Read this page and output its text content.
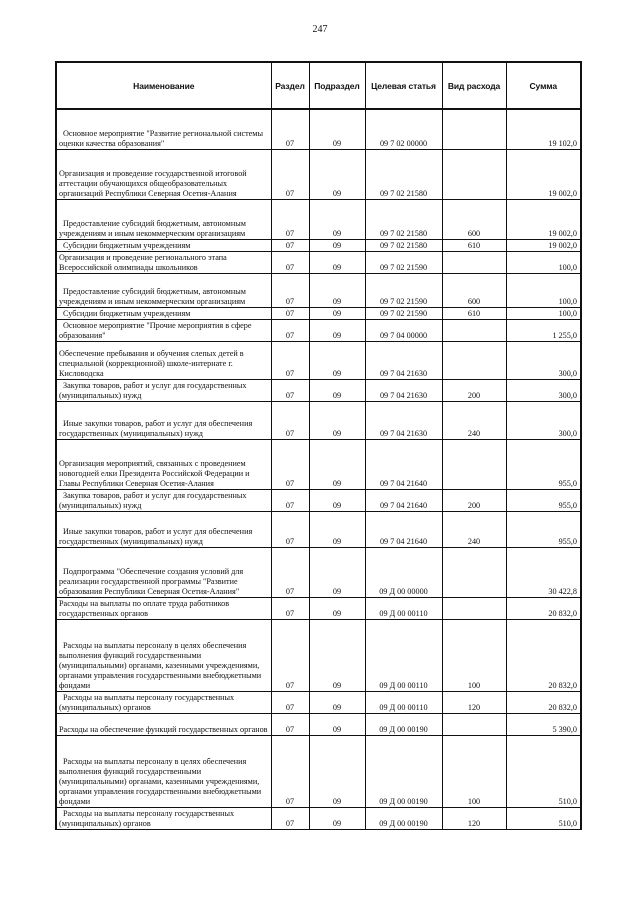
247
Наименование	Раздел	Подраздел	Целевая статья	Вид расхода	Сумма
Основное мероприятие "Развитие региональной системы оценки качества образования"	07	09	09 7 02 00000		19 102,0
Организация и проведение государственной итоговой аттестации обучающихся общеобразовательных организаций Республики Северная Осетия-Алания	07	09	09 7 02 21580		19 002,0
Предоставление субсидий бюджетным, автономным учреждениям и иным некоммерческим организациям	07	09	09 7 02 21580	600	19 002,0
Субсидии бюджетным учреждениям	07	09	09 7 02 21580	610	19 002,0
Организация и проведение регионального этапа Всероссийской олимпиады школьников	07	09	09 7 02 21590		100,0
Предоставление субсидий бюджетным, автономным учреждениям и иным некоммерческим организациям	07	09	09 7 02 21590	600	100,0
Субсидии бюджетным учреждениям	07	09	09 7 02 21590	610	100,0
Основное мероприятие "Прочие мероприятия в сфере образования"	07	09	09 7 04 00000		1 255,0
Обеспечение пребывания и обучения слепых детей в специальной (коррекционной) школе-интернате г. Кисловодска	07	09	09 7 04 21630		300,0
Закупка товаров, работ и услуг для государственных (муниципальных) нужд	07	09	09 7 04 21630	200	300,0
Иные закупки товаров, работ и услуг для обеспечения государственных (муниципальных) нужд	07	09	09 7 04 21630	240	300,0
Организация мероприятий, связанных с проведением новогодней елки Президента Российской Федерации и Главы Республики Северная Осетия-Алания	07	09	09 7 04 21640		955,0
Закупка товаров, работ и услуг для государственных (муниципальных) нужд	07	09	09 7 04 21640	200	955,0
Иные закупки товаров, работ и услуг для обеспечения государственных (муниципальных) нужд	07	09	09 7 04 21640	240	955,0
Подпрограмма "Обеспечение создания условий для реализации государственной программы "Развитие образования Республики Северная Осетия-Алания"	07	09	09 Д 00 00000		30 422,8
Расходы на выплаты по оплате труда работников государственных органов	07	09	09 Д 00 00110		20 832,0
Расходы на выплаты персоналу в целях обеспечения выполнения функций государственными (муниципальными) органами, казенными учреждениями, органами управления государственными внебюджетными фондами	07	09	09 Д 00 00110	100	20 832,0
Расходы на выплаты персоналу государственных (муниципальных) органов	07	09	09 Д 00 00110	120	20 832,0
Расходы на обеспечение функций государственных органов	07	09	09 Д 00 00190		5 390,0
Расходы на выплаты персоналу в целях обеспечения выполнения функций государственными (муниципальными) органами, казенными учреждениями, органами управления государственными внебюджетными фондами	07	09	09 Д 00 00190	100	510,0
Расходы на выплаты персоналу государственных (муниципальных) органов	07	09	09 Д 00 00190	120	510,0
